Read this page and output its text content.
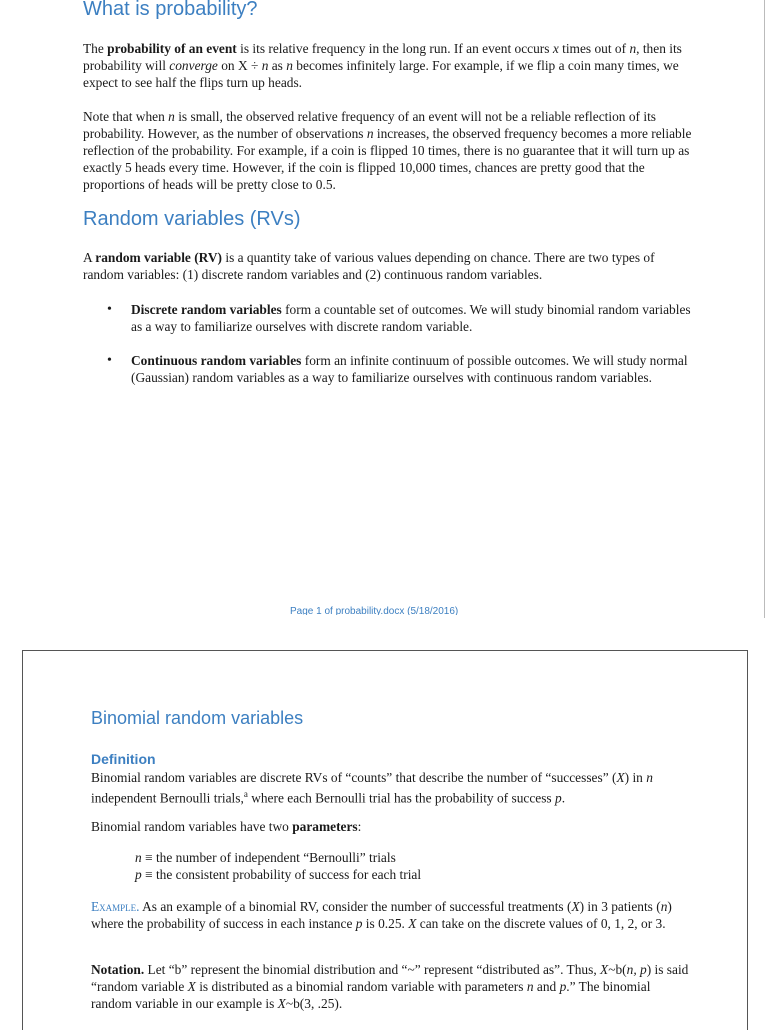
What is probability?

The probability of an event is its relative frequency in the long run. If an event occurs x times out of n, then its probability will converge on X ÷ n as n becomes infinitely large. For example, if we flip a coin many times, we expect to see half the flips turn up heads.

Note that when n is small, the observed relative frequency of an event will not be a reliable reflection of its probability. However, as the number of observations n increases, the observed frequency becomes a more reliable reflection of the probability. For example, if a coin is flipped 10 times, there is no guarantee that it will turn up as exactly 5 heads every time. However, if the coin is flipped 10,000 times, chances are pretty good that the proportions of heads will be pretty close to 0.5.

Random variables (RVs)

A random variable (RV) is a quantity take of various values depending on chance. There are two types of random variables: (1) discrete random variables and (2) continuous random variables.

• Discrete random variables form a countable set of outcomes. We will study binomial random variables as a way to familiarize ourselves with discrete random variable.
• Continuous random variables form an infinite continuum of possible outcomes. We will study normal (Gaussian) random variables as a way to familiarize ourselves with continuous random variables.
Page 1 of probability.docx (5/18/2016)
Binomial random variables
Definition

Binomial random variables are discrete RVs of “counts” that describe the number of “successes” (X) in n independent Bernoulli trials,$^a$ where each Bernoulli trial has the probability of success p.

Binomial random variables have two parameters:

n ≡ the number of independent “Bernoulli” trials
p ≡ the consistent probability of success for each trial

Example. As an example of a binomial RV, consider the number of successful treatments (X) in 3 patients (n) where the probability of success in each instance p is 0.25. X can take on the discrete values of 0, 1, 2, or 3.

Notation. Let “b” represent the binomial distribution and “~” represent “distributed as”. Thus, X~b(n, p) is said “random variable X is distributed as a binomial random variable with parameters n and p.” The binomial random variable in our example is X~b(3, .25).
